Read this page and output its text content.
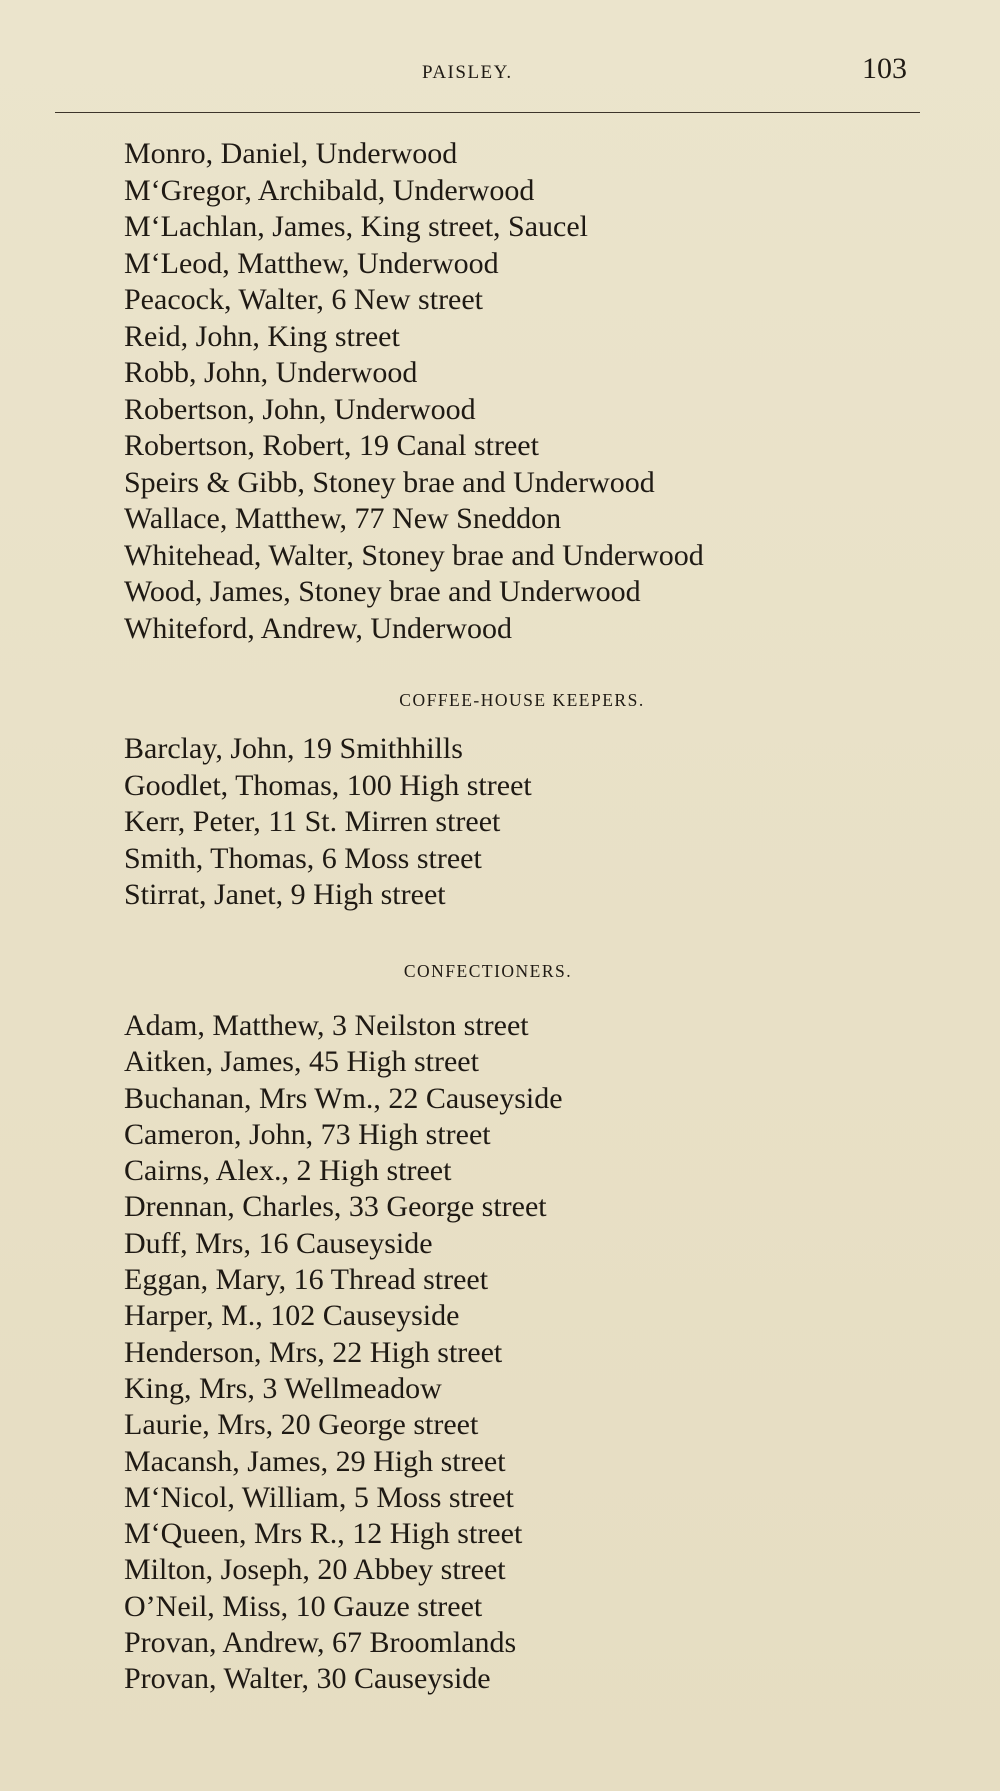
PAISLEY.	103
Monro, Daniel, Underwood
M‘Gregor, Archibald, Underwood
M‘Lachlan, James, King street, Saucel
M‘Leod, Matthew, Underwood
Peacock, Walter, 6 New street
Reid, John, King street
Robb, John, Underwood
Robertson, John, Underwood
Robertson, Robert, 19 Canal street
Speirs & Gibb, Stoney brae and Underwood
Wallace, Matthew, 77 New Sneddon
Whitehead, Walter, Stoney brae and Underwood
Wood, James, Stoney brae and Underwood
Whiteford, Andrew, Underwood
COFFEE-HOUSE KEEPERS.
Barclay, John, 19 Smithhills
Goodlet, Thomas, 100 High street
Kerr, Peter, 11 St. Mirren street
Smith, Thomas, 6 Moss street
Stirrat, Janet, 9 High street
CONFECTIONERS.
Adam, Matthew, 3 Neilston street
Aitken, James, 45 High street
Buchanan, Mrs Wm., 22 Causeyside
Cameron, John, 73 High street
Cairns, Alex., 2 High street
Drennan, Charles, 33 George street
Duff, Mrs, 16 Causeyside
Eggan, Mary, 16 Thread street
Harper, M., 102 Causeyside
Henderson, Mrs, 22 High street
King, Mrs, 3 Wellmeadow
Laurie, Mrs, 20 George street
Macansh, James, 29 High street
M‘Nicol, William, 5 Moss street
M‘Queen, Mrs R., 12 High street
Milton, Joseph, 20 Abbey street
O’Neil, Miss, 10 Gauze street
Provan, Andrew, 67 Broomlands
Provan, Walter, 30 Causeyside
